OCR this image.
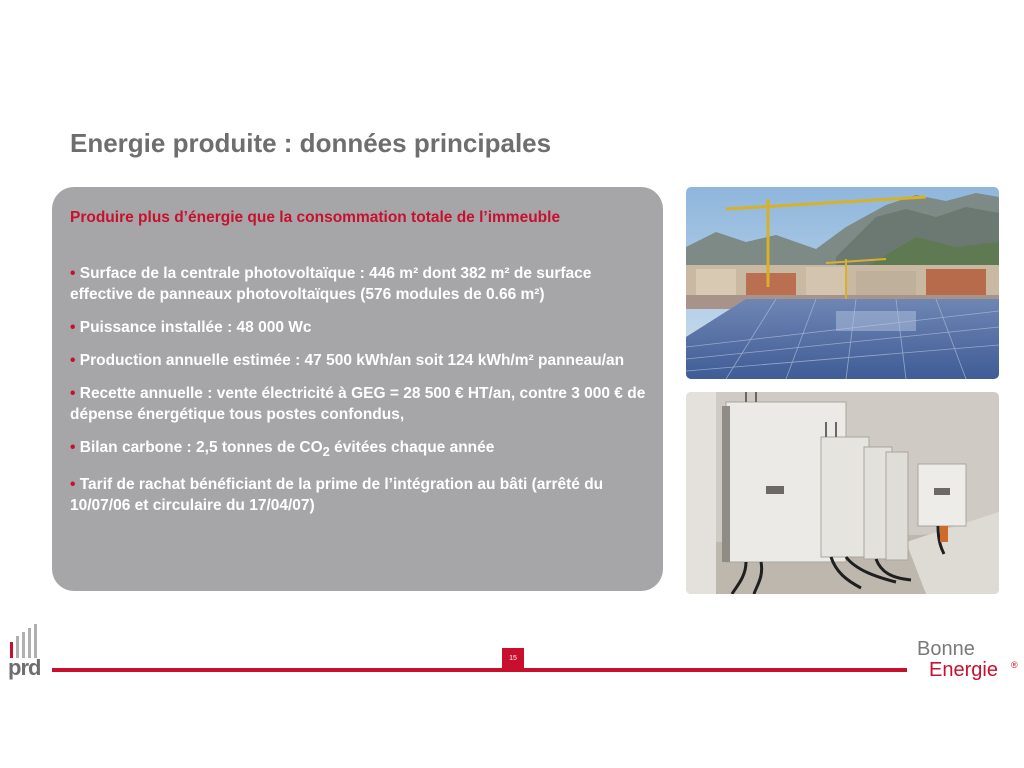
Energie produite : données principales
Produire plus d’énergie que la consommation totale de l’immeuble
• Surface de la centrale photovoltaïque : 446 m² dont 382 m² de surface effective de panneaux photovoltaïques (576 modules de 0.66 m²)
• Puissance installée : 48 000 Wc
• Production annuelle estimée : 47 500 kWh/an soit 124 kWh/m² panneau/an
• Recette annuelle : vente électricité à GEG = 28 500 € HT/an, contre 3 000 € de dépense énergétique tous postes confondus,
• Bilan carbone : 2,5 tonnes de $CO_2$ évitées chaque année
• Tarif de rachat bénéficiant de la prime de l’intégration au bâti (arrêté du 10/07/06 et circulaire du 17/04/07)
15
prd
Bonne
Energie ®
